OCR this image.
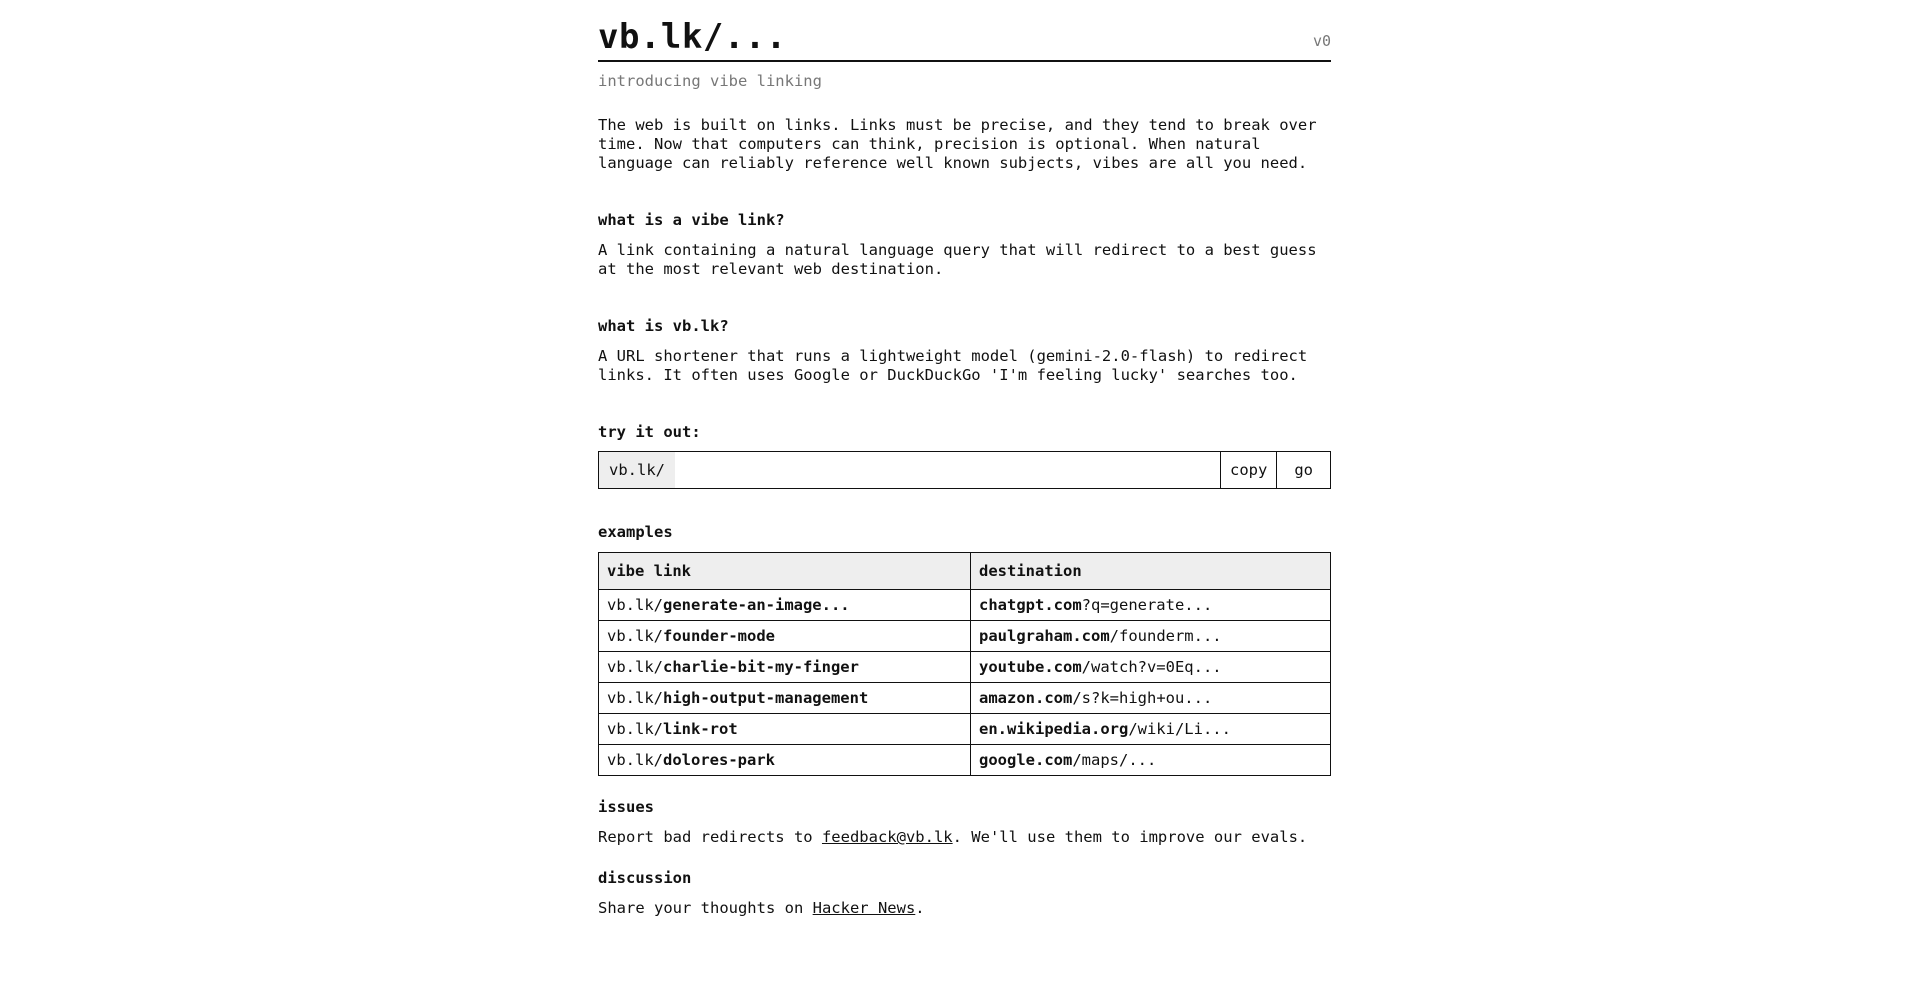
vb.lk/...	v0
introducing vibe linking

The web is built on links. Links must be precise, and they tend to break over time. Now that computers can think, precision is optional. When natural language can reliably reference well known subjects, vibes are all you need.

what is a vibe link?

A link containing a natural language query that will redirect to a best guess at the most relevant web destination.

what is vb.lk?

A URL shortener that runs a lightweight model (gemini-2.0-flash) to redirect links. It often uses Google or DuckDuckGo 'I'm feeling lucky' searches too.

try it out:
vb.lk/	copy	go
examples
vibe link	destination
vb.lk/generate-an-image...	chatgpt.com?q=generate...
vb.lk/founder-mode	paulgraham.com/founderm...
vb.lk/charlie-bit-my-finger	youtube.com/watch?v=0Eq...
vb.lk/high-output-management	amazon.com/s?k=high+ou...
vb.lk/link-rot	en.wikipedia.org/wiki/Li...
vb.lk/dolores-park	google.com/maps/...
issues

Report bad redirects to feedback@vb.lk. We'll use them to improve our evals.

discussion

Share your thoughts on Hacker News.
